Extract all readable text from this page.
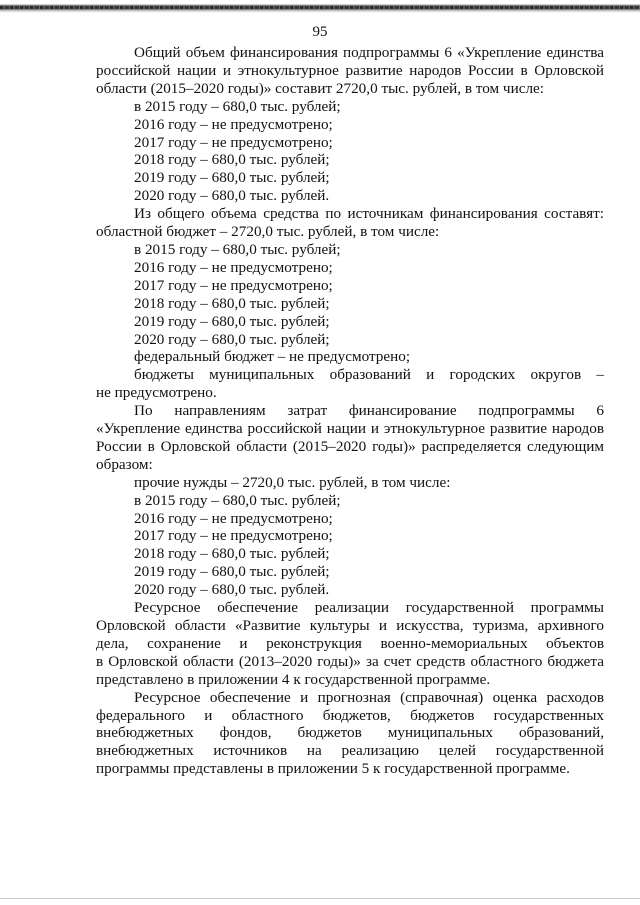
95

Общий объем финансирования подпрограммы 6 «Укрепление единства

российской нации и этнокультурное развитие народов России в Орловской

области (2015–2020 годы)» составит 2720,0 тыс. рублей, в том числе:

в 2015 году – 680,0 тыс. рублей;

2016 году – не предусмотрено;

2017 году – не предусмотрено;

2018 году – 680,0 тыс. рублей;

2019 году – 680,0 тыс. рублей;

2020 году – 680,0 тыс. рублей.

Из общего объема средства по источникам финансирования составят:

областной бюджет – 2720,0 тыс. рублей, в том числе:

в 2015 году – 680,0 тыс. рублей;

2016 году – не предусмотрено;

2017 году – не предусмотрено;

2018 году – 680,0 тыс. рублей;

2019 году – 680,0 тыс. рублей;

2020 году – 680,0 тыс. рублей;

федеральный бюджет – не предусмотрено;

бюджеты муниципальных образований и городских округов –

не предусмотрено.

По направлениям затрат финансирование подпрограммы 6

«Укрепление единства российской нации и этнокультурное развитие народов

России в Орловской области (2015–2020 годы)» распределяется следующим

образом:

прочие нужды – 2720,0 тыс. рублей, в том числе:

в 2015 году – 680,0 тыс. рублей;

2016 году – не предусмотрено;

2017 году – не предусмотрено;

2018 году – 680,0 тыс. рублей;

2019 году – 680,0 тыс. рублей;

2020 году – 680,0 тыс. рублей.

Ресурсное обеспечение реализации государственной программы

Орловской области «Развитие культуры и искусства, туризма, архивного

дела, сохранение и реконструкция военно-мемориальных объектов

в Орловской области (2013–2020 годы)» за счет средств областного бюджета

представлено в приложении 4 к государственной программе.

Ресурсное обеспечение и прогнозная (справочная) оценка расходов

федерального и областного бюджетов, бюджетов государственных

внебюджетных фондов, бюджетов муниципальных образований,

внебюджетных источников на реализацию целей государственной

программы представлены в приложении 5 к государственной программе.
